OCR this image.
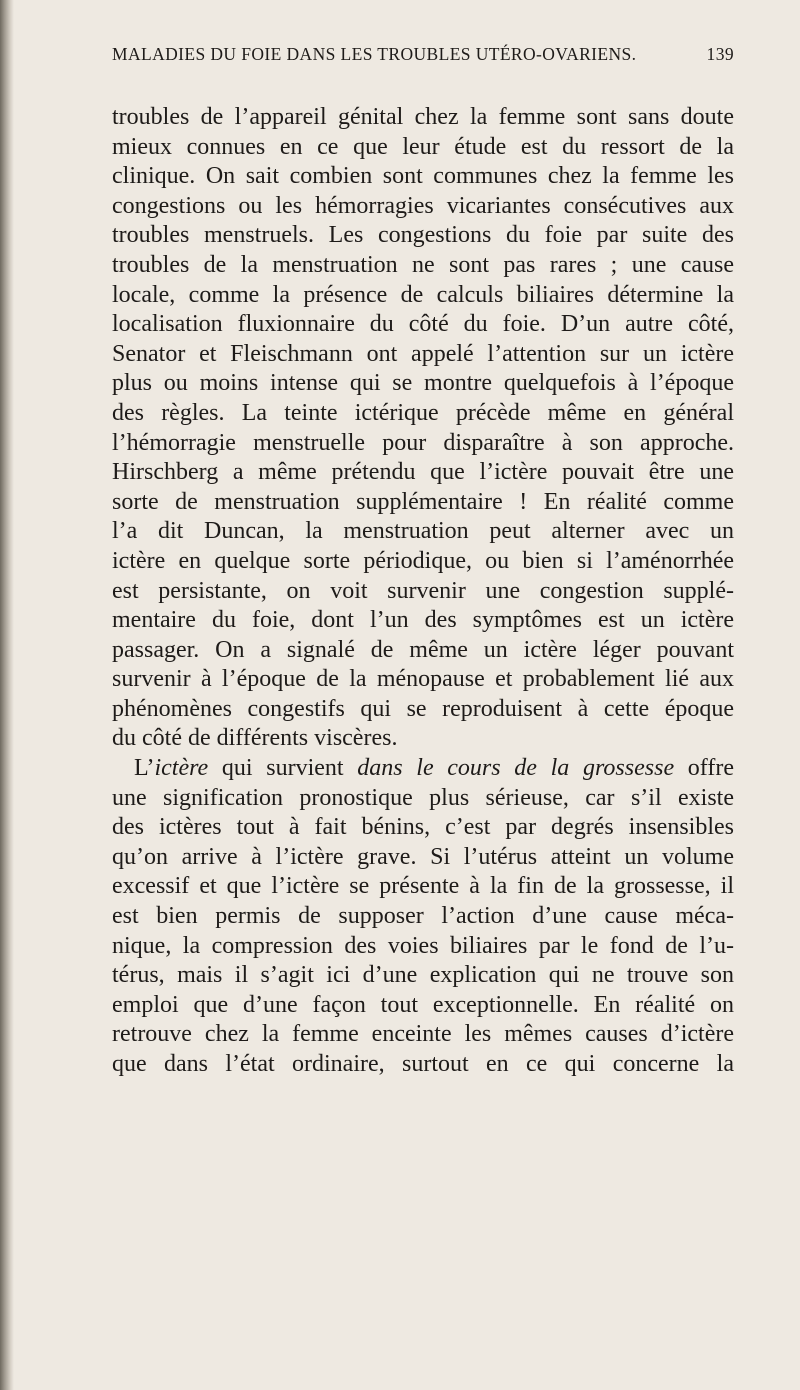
MALADIES DU FOIE DANS LES TROUBLES UTÉRO-OVARIENS.	139
troubles de l’appareil génital chez la femme sont sans doute
mieux connues en ce que leur étude est du ressort de la
clinique. On sait combien sont communes chez la femme les
congestions ou les hémorragies vicariantes consécutives aux
troubles menstruels. Les congestions du foie par suite des
troubles de la menstruation ne sont pas rares ; une cause
locale, comme la présence de calculs biliaires détermine la
localisation fluxionnaire du côté du foie. D’un autre côté,
Senator et Fleischmann ont appelé l’attention sur un ictère
plus ou moins intense qui se montre quelquefois à l’époque
des règles. La teinte ictérique précède même en général
l’hémorragie menstruelle pour disparaître à son approche.
Hirschberg a même prétendu que l’ictère pouvait être une
sorte de menstruation supplémentaire ! En réalité comme
l’a dit Duncan, la menstruation peut alterner avec un
ictère en quelque sorte périodique, ou bien si l’aménorrhée
est persistante, on voit survenir une congestion supplé-
mentaire du foie, dont l’un des symptômes est un ictère
passager. On a signalé de même un ictère léger pouvant
survenir à l’époque de la ménopause et probablement lié aux
phénomènes congestifs qui se reproduisent à cette époque
du côté de différents viscères.
L’ictère qui survient dans le cours de la grossesse offre
une signification pronostique plus sérieuse, car s’il existe
des ictères tout à fait bénins, c’est par degrés insensibles
qu’on arrive à l’ictère grave. Si l’utérus atteint un volume
excessif et que l’ictère se présente à la fin de la grossesse, il
est bien permis de supposer l’action d’une cause méca-
nique, la compression des voies biliaires par le fond de l’u-
térus, mais il s’agit ici d’une explication qui ne trouve son
emploi que d’une façon tout exceptionnelle. En réalité on
retrouve chez la femme enceinte les mêmes causes d’ictère
que dans l’état ordinaire, surtout en ce qui concerne la
